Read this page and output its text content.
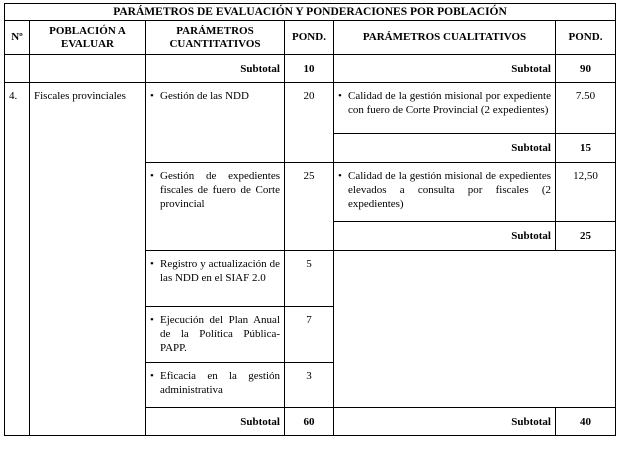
PARÁMETROS DE EVALUACIÓN Y PONDERACIONES POR POBLACIÓN					
Nº	POBLACIÓN A EVALUAR	PARÁMETROS CUANTITATIVOS	POND.	PARÁMETROS CUALITATIVOS	POND.
		Subtotal	10	Subtotal	90
4.	Fiscales provinciales	• Gestión de las NDD	20	• Calidad de la gestión misional por expediente con fuero de Corte Provincial (2 expedientes)	7.50
				Subtotal	15

		• Gestión de expedientes fiscales de fuero de Corte provincial	25	• Calidad de la gestión misional de expedientes elevados a consulta por fiscales (2 expedientes)	12,50
				Subtotal	25

		• Registro y actualización de las NDD en el SIAF 2.0	5		

		• Ejecución del Plan Anual de la Política Pública- PAPP.	7		

		• Eficacia en la gestión administrativa	3		
		Subtotal	60	Subtotal	40
